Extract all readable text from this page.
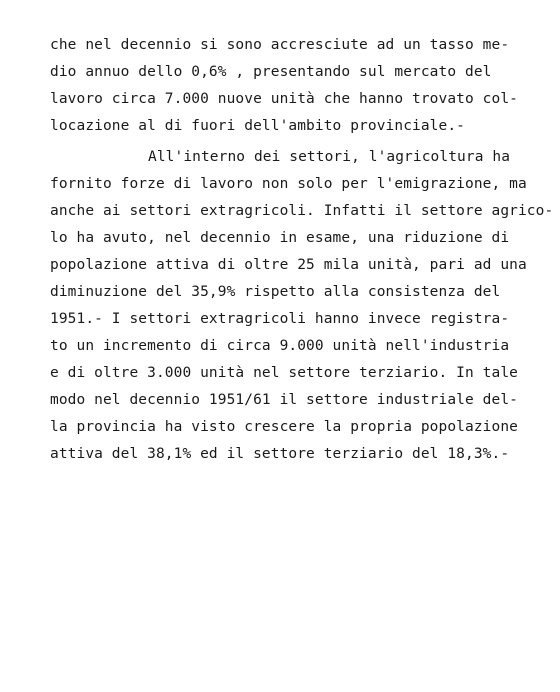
che nel decennio si sono accresciute ad un tasso me-
dio annuo dello 0,6% , presentando sul mercato del
lavoro circa 7.000 nuove unità che hanno trovato col-
locazione al di fuori dell'ambito provinciale.-
All'interno dei settori, l'agricoltura ha
fornito forze di lavoro non solo per l'emigrazione, ma
anche ai settori extragricoli. Infatti il settore agrico-
lo ha avuto, nel decennio in esame, una riduzione di
popolazione attiva di oltre 25 mila unità, pari ad una
diminuzione del 35,9% rispetto alla consistenza del
1951.- I settori extragricoli hanno invece registra-
to un incremento di circa 9.000 unità nell'industria
e di oltre 3.000 unità nel settore terziario. In tale
modo nel decennio 1951/61 il settore industriale del-
la provincia ha visto crescere la propria popolazione
attiva del 38,1% ed il settore terziario del 18,3%.-
